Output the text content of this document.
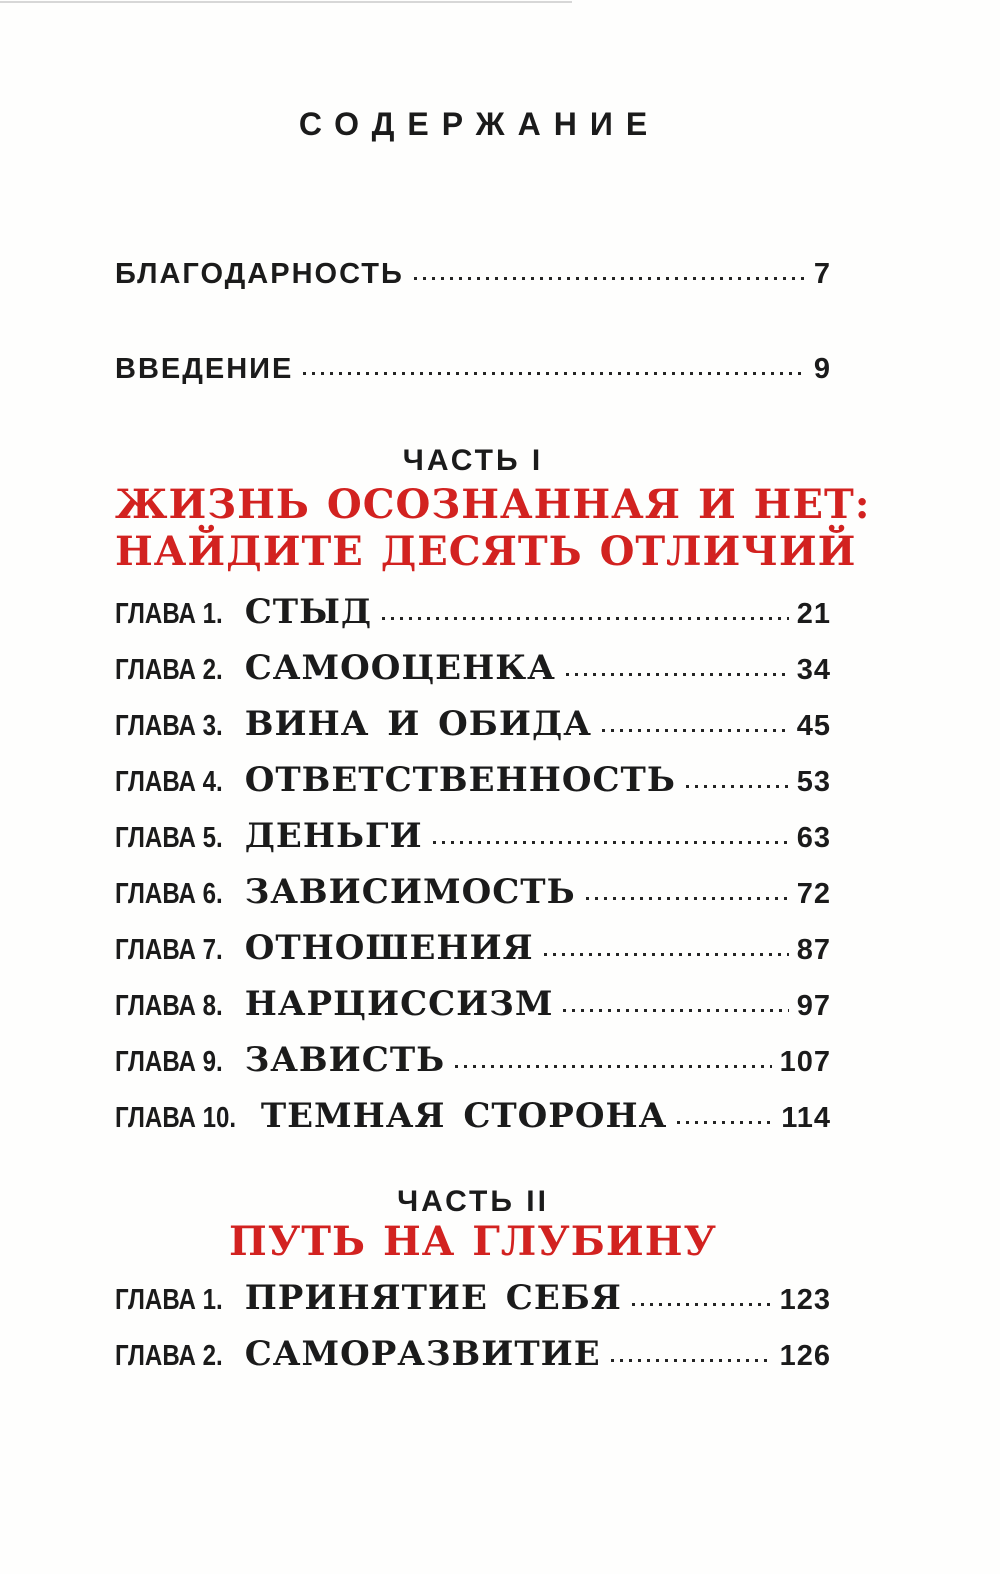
СОДЕРЖАНИЕ
БЛАГОДАРНОСТЬ	7
ВВЕДЕНИЕ	9
ЧАСТЬ I
ЖИЗНЬ ОСОЗНАННАЯ И НЕТ:
НАЙДИТЕ ДЕСЯТЬ ОТЛИЧИЙ
ГЛАВА 1. СТЫД	21
ГЛАВА 2. САМООЦЕНКА	34
ГЛАВА 3. ВИНА И ОБИДА	45
ГЛАВА 4. ОТВЕТСТВЕННОСТЬ	53
ГЛАВА 5. ДЕНЬГИ	63
ГЛАВА 6. ЗАВИСИМОСТЬ	72
ГЛАВА 7. ОТНОШЕНИЯ	87
ГЛАВА 8. НАРЦИССИЗМ	97
ГЛАВА 9. ЗАВИСТЬ	107
ГЛАВА 10. ТЕМНАЯ СТОРОНА	114
ЧАСТЬ II
ПУТЬ НА ГЛУБИНУ
ГЛАВА 1. ПРИНЯТИЕ СЕБЯ	123
ГЛАВА 2. САМОРАЗВИТИЕ	126
